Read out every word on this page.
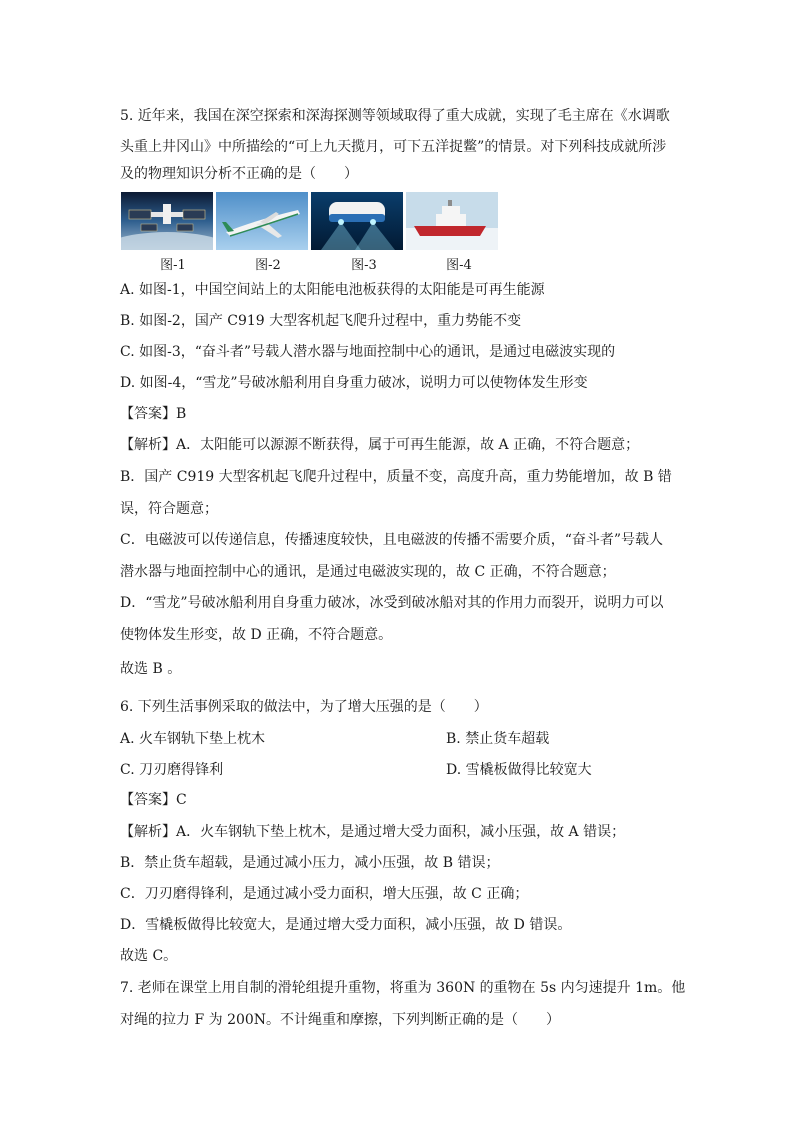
5. 近年来，我国在深空探索和深海探测等领域取得了重大成就，实现了毛主席在《水调歌
头重上井冈山》中所描绘的“可上九天揽月，可下五洋捉鳖”的情景。对下列科技成就所涉
及的物理知识分析不正确的是（　　）
图-1	图-2	图-3	图-4
A. 如图-1，中国空间站上的太阳能电池板获得的太阳能是可再生能源
B. 如图-2，国产 C919 大型客机起飞爬升过程中，重力势能不变
C. 如图-3，“奋斗者”号载人潜水器与地面控制中心的通讯，是通过电磁波实现的
D. 如图-4，“雪龙”号破冰船利用自身重力破冰，说明力可以使物体发生形变
【答案】B
【解析】A．太阳能可以源源不断获得，属于可再生能源，故 A 正确，不符合题意；
B．国产 C919 大型客机起飞爬升过程中，质量不变，高度升高，重力势能增加，故 B 错
误，符合题意；
C．电磁波可以传递信息，传播速度较快，且电磁波的传播不需要介质，“奋斗者”号载人
潜水器与地面控制中心的通讯，是通过电磁波实现的，故 C 正确，不符合题意；
D．“雪龙”号破冰船利用自身重力破冰，冰受到破冰船对其的作用力而裂开，说明力可以
使物体发生形变，故 D 正确，不符合题意。
故选 B 。
6. 下列生活事例采取的做法中，为了增大压强的是（　　）
A. 火车钢轨下垫上枕木	B. 禁止货车超载
C. 刀刃磨得锋利	D. 雪橇板做得比较宽大
【答案】C
【解析】A．火车钢轨下垫上枕木，是通过增大受力面积，减小压强，故 A 错误；
B．禁止货车超载，是通过减小压力，减小压强，故 B 错误；
C．刀刃磨得锋利，是通过减小受力面积，增大压强，故 C 正确；
D．雪橇板做得比较宽大，是通过增大受力面积，减小压强，故 D 错误。
故选 C。
7. 老师在课堂上用自制的滑轮组提升重物，将重为 360N 的重物在 5s 内匀速提升 1m。他
对绳的拉力 F 为 200N。不计绳重和摩擦，下列判断正确的是（　　）
